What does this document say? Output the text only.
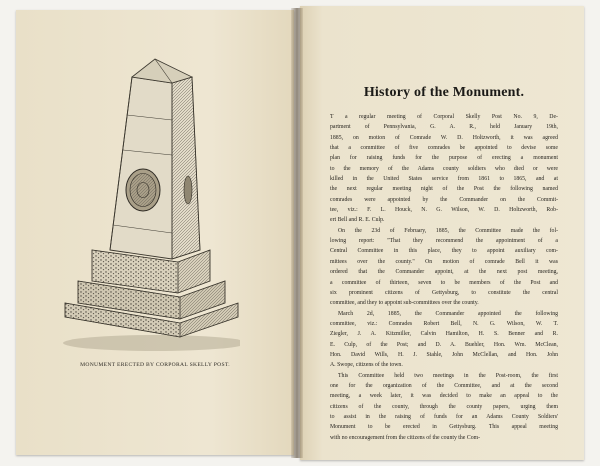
MONUMENT ERECTED BY CORPORAL SKELLY POST.
History of the Monument.
T a regular meeting of Corporal Skelly Post No. 9, De-
partment of Pennsylvania, G. A. R., held January 19th,
1885, on motion of Comrade W. D. Holtzworth, it was agreed
that a committee of five comrades be appointed to devise some
plan for raising funds for the purpose of erecting a monument
to the memory of the Adams county soldiers who died or were
killed in the United States service from 1861 to 1865, and at
the next regular meeting night of the Post the following named
comrades were appointed by the Commander on the Commit-
tee, viz.: F. L. Houck, N. G. Wilson, W. D. Holtzworth, Rob-
ert Bell and R. E. Culp.
On the 23d of February, 1885, the Committee made the fol-
lowing report: "That they recommend the appointment of a
Central Committee in this place, they to appoint auxiliary com-
mittees over the county." On motion of comrade Bell it was
ordered that the Commander appoint, at the next post meeting,
a committee of thirteen, seven to be members of the Post and
six prominent citizens of Gettysburg, to constitute the central
committee, and they to appoint sub-committees over the county.
March 2d, 1885, the Commander appointed the following
committee, viz.: Comrades Robert Bell, N. G. Wilson, W. T.
Ziegler, J. A. Kitzmiller, Calvin Hamilton, H. S. Benner and R.
E. Culp, of the Post; and D. A. Buehler, Hon. Wm. McClean,
Hon. David Wills, H. J. Stahle, John McClellan, and Hon. John
A. Swope, citizens of the town.
This Committee held two meetings in the Post-room, the first
one for the organization of the Committee, and at the second
meeting, a week later, it was decided to make an appeal to the
citizens of the county, through the county papers, urging them
to assist in the raising of funds for an Adams County Soldiers'
Monument to be erected in Gettysburg. This appeal meeting
with no encouragement from the citizens of the county the Com-
